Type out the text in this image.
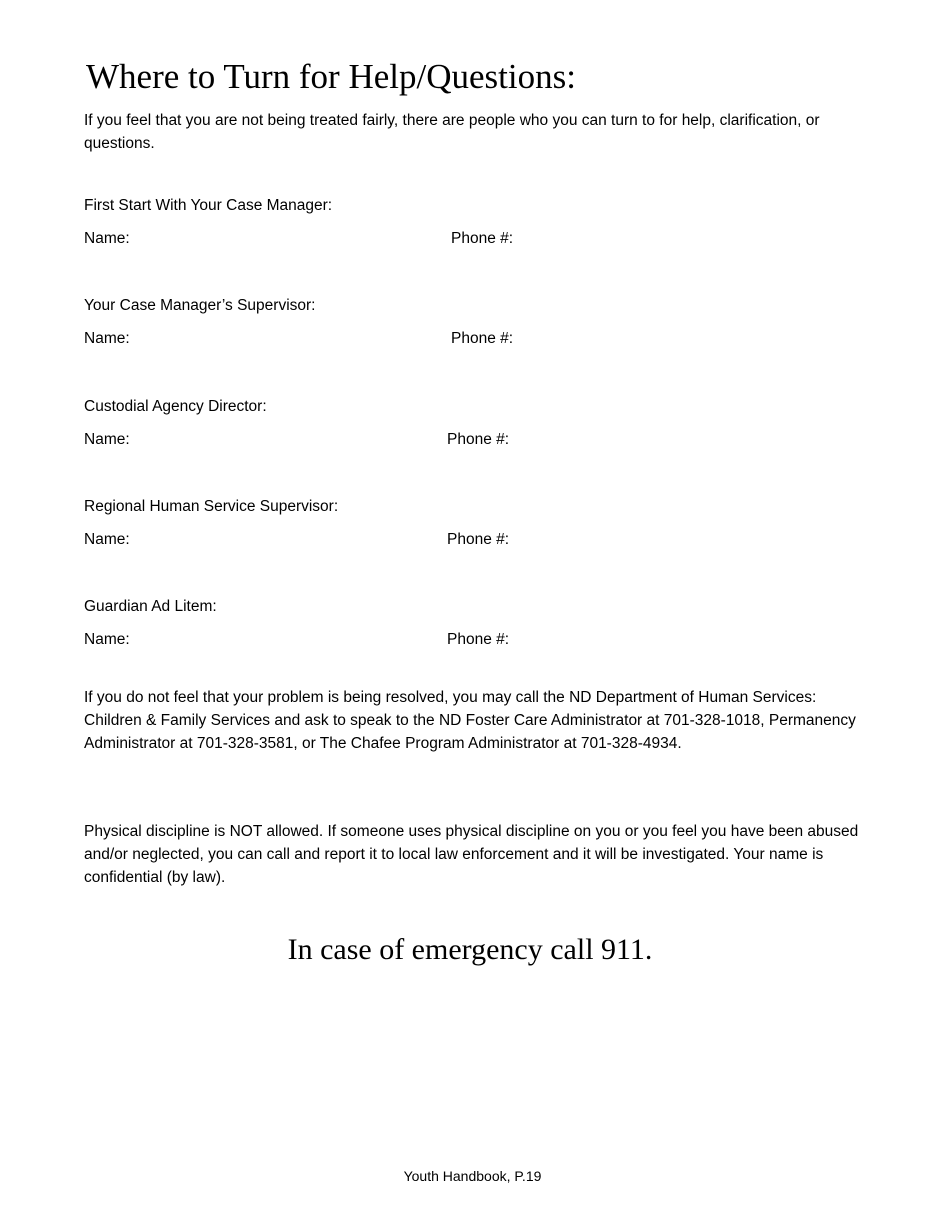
Where to Turn for Help/Questions:

If you feel that you are not being treated fairly, there are people who you can turn to for help, clarification, or questions.

First Start With Your Case Manager:
Name:	Phone #:
Your Case Manager’s Supervisor:
Name:	Phone #:
Custodial Agency Director:
Name:	Phone #:
Regional Human Service Supervisor:
Name:	Phone #:
Guardian Ad Litem:
Name:	Phone #:

If you do not feel that your problem is being resolved, you may call the ND Department of Human Services: Children & Family Services and ask to speak to the ND Foster Care Administrator at 701-328-1018, Permanency Administrator at 701-328-3581, or The Chafee Program Administrator at 701-328-4934.

Physical discipline is NOT allowed. If someone uses physical discipline on you or you feel you have been abused and/or neglected, you can call and report it to local law enforcement and it will be investigated. Your name is confidential (by law).

In case of emergency call 911.
Youth Handbook, P.19
